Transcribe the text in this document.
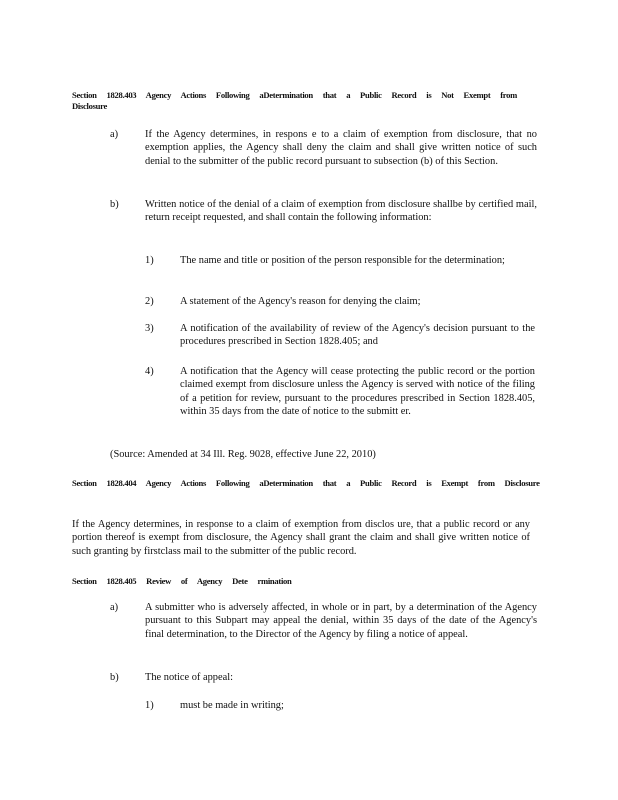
Section 1828.403 Agency Actions Following aDetermination that a Public Record is Not Exempt from Disclosure
a)	If the Agency determines, in respons e to a claim of exemption from disclosure, that no exemption applies, the Agency shall deny the claim and shall give written notice of such denial to the submitter of the public record pursuant to subsection (b) of this Section.
b)	Written notice of the denial of a claim of exemption from disclosure shallbe by certified mail, return receipt requested, and shall contain the following information:
1)	The name and title or position of the person responsible for the determination;
2)	A statement of the Agency's reason for denying the claim;
3)	A notification of the availability of review of the Agency's decision pursuant to the procedures prescribed in Section 1828.405; and
4)	A notification that the Agency will cease protecting the public record or the portion claimed exempt from disclosure unless the Agency is served with notice of the filing of a petition for review, pursuant to the procedures prescribed in Section 1828.405, within 35 days from the date of notice to the submitt er.
(Source: Amended at 34 Ill. Reg. 9028, effective June 22, 2010)
Section 1828.404 Agency Actions Following aDetermination that a Public Record is Exempt from Disclosure
If the Agency determines, in response to a claim of exemption from disclos ure, that a public record or any portion thereof is exempt from disclosure, the Agency shall grant the claim and shall give written notice of such granting by firstclass mail to the submitter of the public record.
Section 1828.405 Review of Agency Dete rmination
a)	A submitter who is adversely affected, in whole or in part, by a determination of the Agency pursuant to this Subpart may appeal the denial, within 35 days of the date of the Agency's final determination, to the Director of the Agency by filing a notice of appeal.
b)	The notice of appeal:
1)	must be made in writing;
